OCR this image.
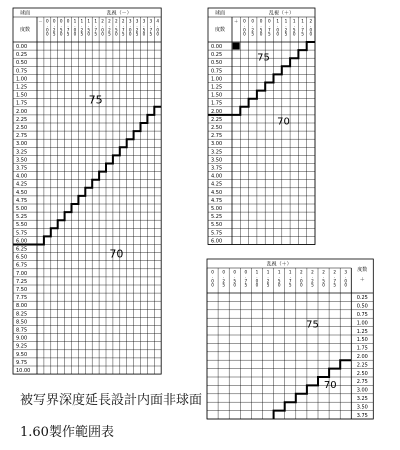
球面
度数
乱視（－）
－ 0
.
0
0
0
.
2
5
0
.
5
0
0
.
7
5
1
.
0
0
1
.
2
5
1
.
5
0
1
.
7
5
2
.
0
0
2
.
2
5
2
.
5
0
2
.
7
5
3
.
0
0
3
.
2
5
3
.
5
0
3
.
7
5
4
.
0
0
0.00
0.25
0.50
0.75
1.00
1.25
1.50
1.75
2.00
2.25
2.50
2.75
3.00
3.25
3.50
3.75
4.00
4.25
4.50
4.75
5.00
5.25
5.50
5.75
6.00
6.25
6.50
6.75
7.00
7.25
7.50
7.75
8.00
8.25
8.50
8.75
9.00
9.25
9.50
9.75
10.00
75
70
球面
度数
乱視（＋）
＋ 0
.
0
0
0
.
2
5
0
.
5
0
0
.
7
5
1
.
0
0
1
.
2
5
1
.
5
0
1
.
7
5
2
.
0
0
0.00
0.25
0.50
0.75
1.00
1.25
1.50
1.75
2.00
2.25
2.50
2.75
3.00
3.25
3.50
3.75
4.00
4.25
4.50
4.75
5.00
5.25
5.50
5.75
6.00
75
70
乱視（＋）
度数
＋
0
.
0
0
0
.
2
5
0
.
5
0
0
.
7
5
1
.
0
0
1
.
2
5
1
.
5
0
1
.
7
5
2
.
0
0
2
.
2
5
2
.
5
0
2
.
7
5
3
.
0
0
0.25
0.50
0.75
1.00
1.25
1.50
1.75
2.00
2.25
2.50
2.75
3.00
3.25
3.50
3.75
75
70
被写界深度延長設計内面非球面
1.60製作範囲表
